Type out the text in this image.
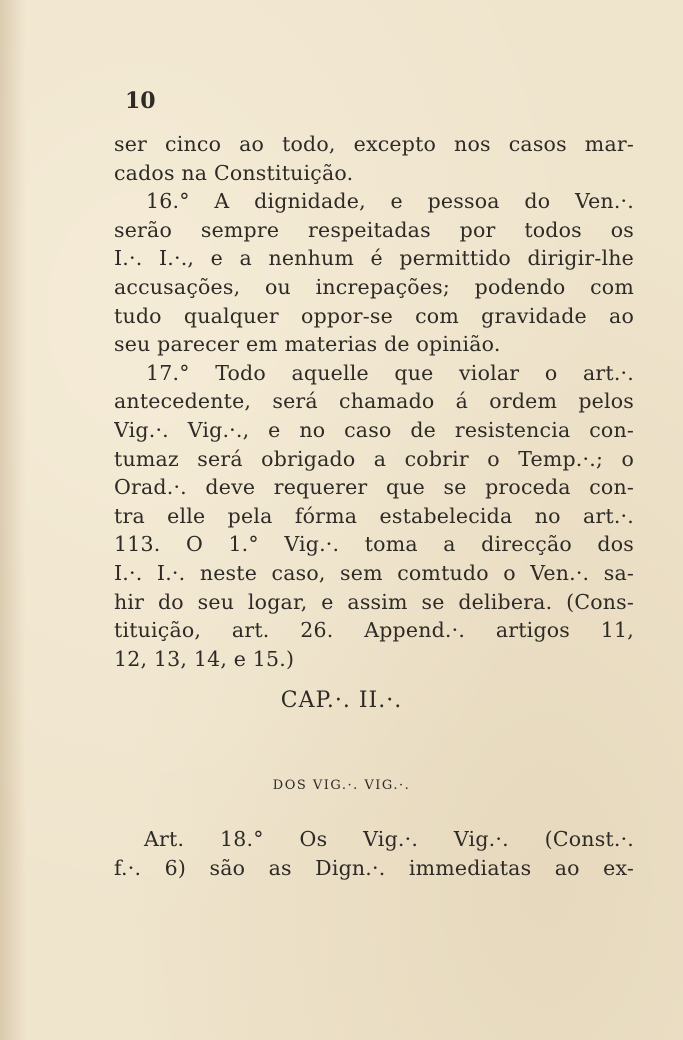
10
ser cinco ao todo, excepto nos casos mar-
cados na Constituição.
16.° A dignidade, e pessoa do Ven.·.
serão sempre respeitadas por todos os
I.·. I.·., e a nenhum é permittido dirigir-lhe
accusações, ou increpações; podendo com
tudo qualquer oppor-se com gravidade ao
seu parecer em materias de opinião.
17.° Todo aquelle que violar o art.·.
antecedente, será chamado á ordem pelos
Vig.·. Vig.·., e no caso de resistencia con-
tumaz será obrigado a cobrir o Temp.·.; o
Orad.·. deve requerer que se proceda con-
tra elle pela fórma estabelecida no art.·.
113. O 1.° Vig.·. toma a direcção dos
I.·. I.·. neste caso, sem comtudo o Ven.·. sa-
hir do seu logar, e assim se delibera. (Cons-
tituição, art. 26. Append.·. artigos 11,
12, 13, 14, e 15.)
CAP.·. II.·.
DOS VIG.·. VIG.·.
Art. 18.° Os Vig.·. Vig.·. (Const.·.
f.·. 6) são as Dign.·. immediatas ao ex-
